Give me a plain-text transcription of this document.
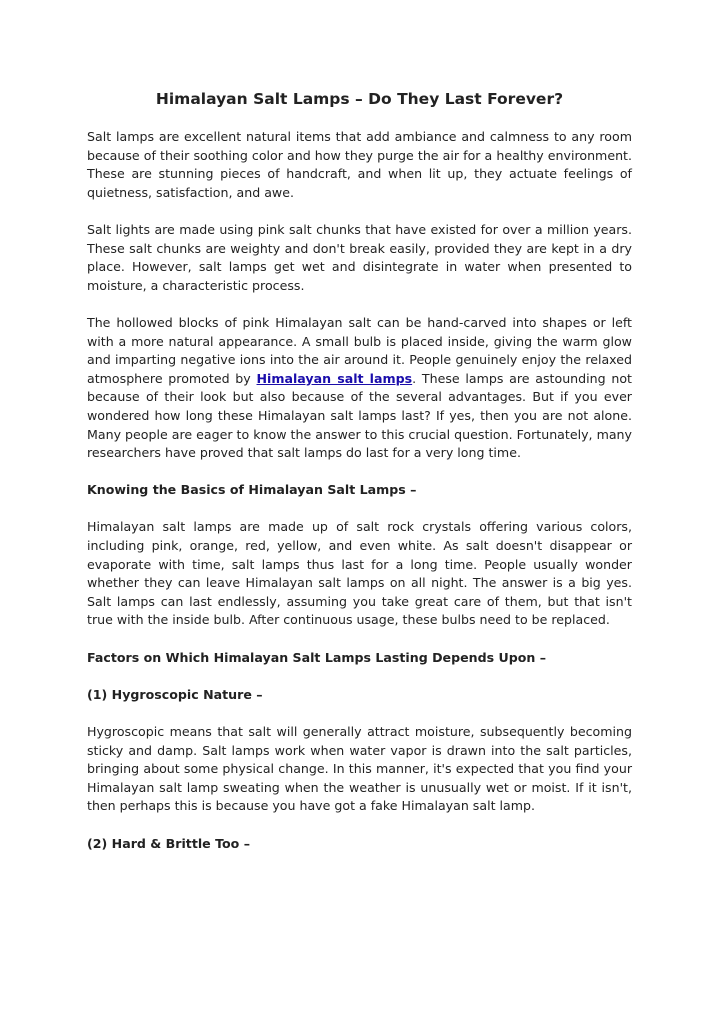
Himalayan Salt Lamps – Do They Last Forever?

Salt lamps are excellent natural items that add ambiance and calmness to any room because of their soothing color and how they purge the air for a healthy environment. These are stunning pieces of handcraft, and when lit up, they actuate feelings of quietness, satisfaction, and awe.

Salt lights are made using pink salt chunks that have existed for over a million years. These salt chunks are weighty and don't break easily, provided they are kept in a dry place. However, salt lamps get wet and disintegrate in water when presented to moisture, a characteristic process.

The hollowed blocks of pink Himalayan salt can be hand-carved into shapes or left with a more natural appearance. A small bulb is placed inside, giving the warm glow and imparting negative ions into the air around it. People genuinely enjoy the relaxed atmosphere promoted by Himalayan salt lamps. These lamps are astounding not because of their look but also because of the several advantages. But if you ever wondered how long these Himalayan salt lamps last? If yes, then you are not alone. Many people are eager to know the answer to this crucial question. Fortunately, many researchers have proved that salt lamps do last for a very long time.

Knowing the Basics of Himalayan Salt Lamps –

Himalayan salt lamps are made up of salt rock crystals offering various colors, including pink, orange, red, yellow, and even white. As salt doesn't disappear or evaporate with time, salt lamps thus last for a long time. People usually wonder whether they can leave Himalayan salt lamps on all night. The answer is a big yes. Salt lamps can last endlessly, assuming you take great care of them, but that isn't true with the inside bulb. After continuous usage, these bulbs need to be replaced.

Factors on Which Himalayan Salt Lamps Lasting Depends Upon –
(1) Hygroscopic Nature –

Hygroscopic means that salt will generally attract moisture, subsequently becoming sticky and damp. Salt lamps work when water vapor is drawn into the salt particles, bringing about some physical change. In this manner, it's expected that you find your Himalayan salt lamp sweating when the weather is unusually wet or moist. If it isn't, then perhaps this is because you have got a fake Himalayan salt lamp.

(2) Hard & Brittle Too –
